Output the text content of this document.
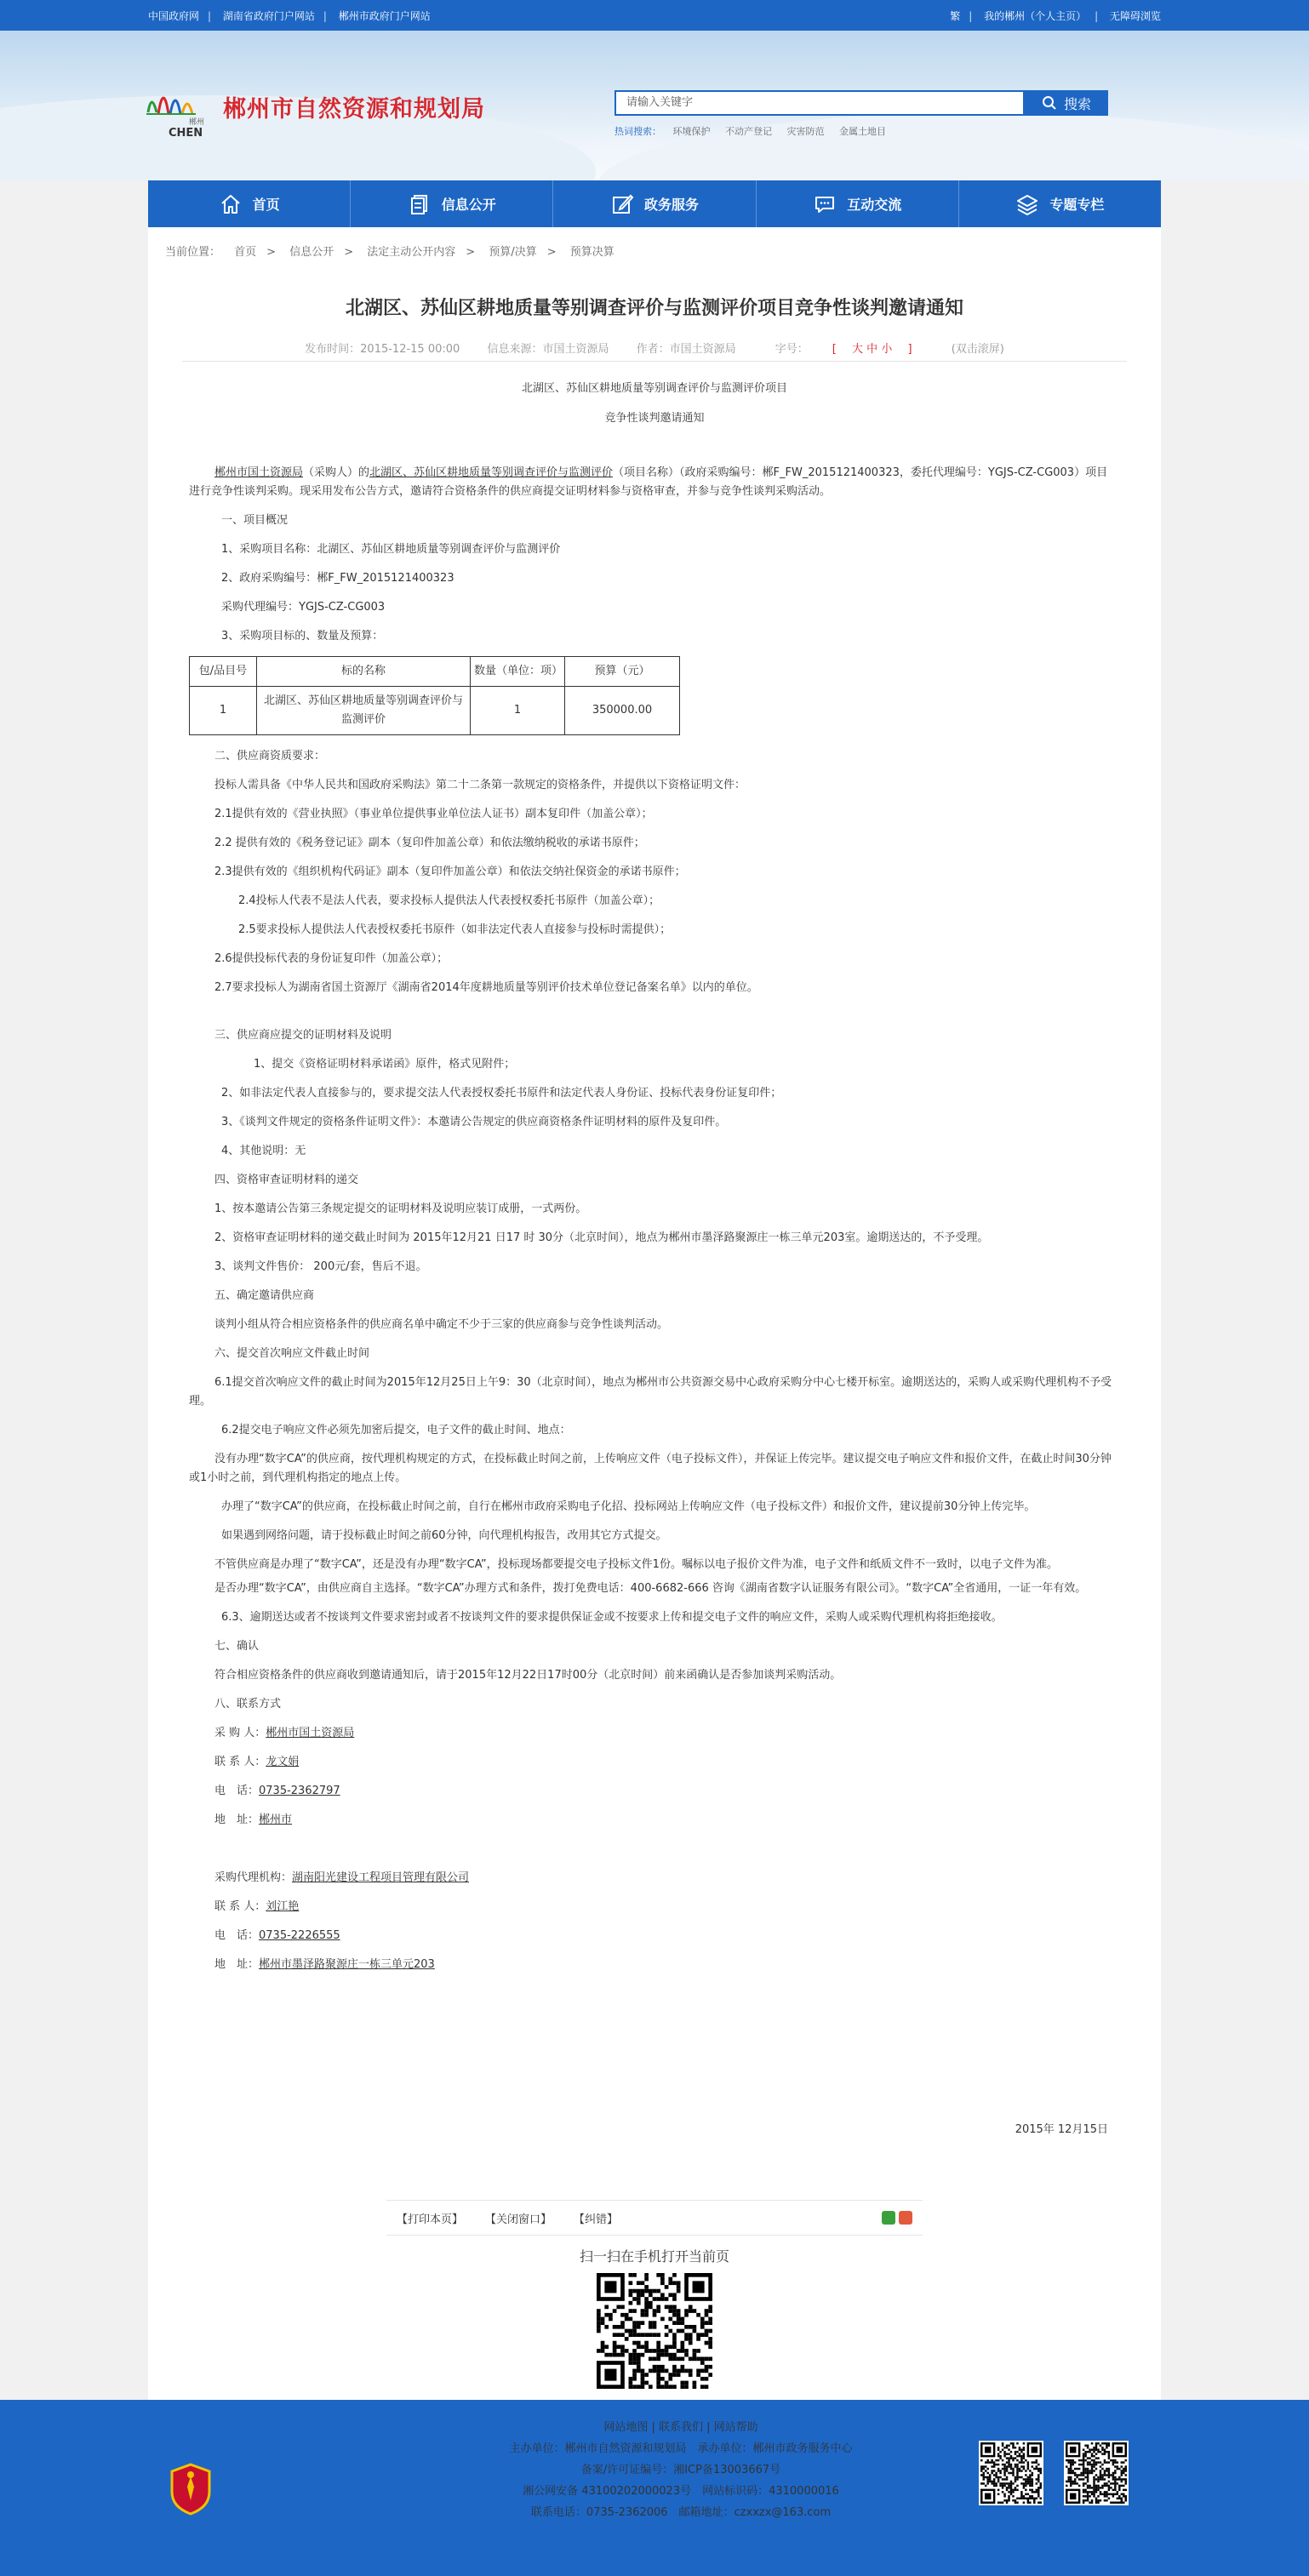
中国政府网 | 湖南省政府门户网站 | 郴州市政府门户网站	繁 | 我的郴州（个人主页） | 无障碍浏览
郴州
CHEN
郴州市自然资源和规划局	请输入关键字	搜索
热词搜索： 环境保护 不动产登记 灾害防范 金属土地目
首页	信息公开	政务服务	互动交流	专题专栏
当前位置： 首页 > 信息公开 > 法定主动公开内容 > 预算/决算 > 预算决算
北湖区、苏仙区耕地质量等别调查评价与监测评价项目竞争性谈判邀请通知
发布时间：2015-12-15 00:00 信息来源：市国土资源局 作者：市国土资源局	字号： [ 大 中 小 ]	(双击滚屏)
北湖区、苏仙区耕地质量等别调查评价与监测评价项目
竞争性谈判邀请通知

郴州市国土资源局（采购人）的北湖区、苏仙区耕地质量等别调查评价与监测评价（项目名称）（政府采购编号：郴F_FW_2015121400323，委托代理编号：YGJS-CZ-CG003）项目进行竞争性谈判采购。现采用发布公告方式，邀请符合资格条件的供应商提交证明材料参与资格审查，并参与竞争性谈判采购活动。

一、项目概况

1、采购项目名称：北湖区、苏仙区耕地质量等别调查评价与监测评价

2、政府采购编号：郴F_FW_2015121400323

采购代理编号：YGJS-CZ-CG003

3、采购项目标的、数量及预算：

包/品目号	标的名称	数量（单位：项）	预算（元）
1	北湖区、苏仙区耕地质量等别调查评价与监测评价	1	350000.00

二、供应商资质要求：

投标人需具备《中华人民共和国政府采购法》第二十二条第一款规定的资格条件，并提供以下资格证明文件：

2.1提供有效的《营业执照》（事业单位提供事业单位法人证书）副本复印件（加盖公章）；

2.2 提供有效的《税务登记证》副本（复印件加盖公章）和依法缴纳税收的承诺书原件；

2.3提供有效的《组织机构代码证》副本（复印件加盖公章）和依法交纳社保资金的承诺书原件；

2.4投标人代表不是法人代表，要求投标人提供法人代表授权委托书原件（加盖公章）；

2.5要求投标人提供法人代表授权委托书原件（如非法定代表人直接参与投标时需提供）；

2.6提供投标代表的身份证复印件（加盖公章）；

2.7要求投标人为湖南省国土资源厅《湖南省2014年度耕地质量等别评价技术单位登记备案名单》以内的单位。

三、供应商应提交的证明材料及说明

1、提交《资格证明材料承诺函》原件，格式见附件；

2、如非法定代表人直接参与的，要求提交法人代表授权委托书原件和法定代表人身份证、投标代表身份证复印件；

3、《谈判文件规定的资格条件证明文件》：本邀请公告规定的供应商资格条件证明材料的原件及复印件。

4、其他说明：无

四、资格审查证明材料的递交

1、按本邀请公告第三条规定提交的证明材料及说明应装订成册，一式两份。

2、资格审查证明材料的递交截止时间为 2015年12月21 日17 时 30分（北京时间），地点为郴州市墨泽路聚源庄一栋三单元203室。逾期送达的，不予受理。

3、谈判文件售价： 200元/套，售后不退。

五、确定邀请供应商

谈判小组从符合相应资格条件的供应商名单中确定不少于三家的供应商参与竞争性谈判活动。

六、提交首次响应文件截止时间

6.1提交首次响应文件的截止时间为2015年12月25日上午9：30（北京时间），地点为郴州市公共资源交易中心政府采购分中心七楼开标室。逾期送达的，采购人或采购代理机构不予受理。

6.2提交电子响应文件必须先加密后提交，电子文件的截止时间、地点：

没有办理“数字CA”的供应商，按代理机构规定的方式，在投标截止时间之前，上传响应文件（电子投标文件），并保证上传完毕。建议提交电子响应文件和报价文件，在截止时间30分钟或1小时之前，到代理机构指定的地点上传。

办理了“数字CA”的供应商，在投标截止时间之前，自行在郴州市政府采购电子化招、投标网站上传响应文件（电子投标文件）和报价文件，建议提前30分钟上传完毕。

如果遇到网络问题，请于投标截止时间之前60分钟，向代理机构报告，改用其它方式提交。

不管供应商是办理了“数字CA”，还是没有办理“数字CA”，投标现场都要提交电子投标文件1份。嘱标以电子报价文件为准，电子文件和纸质文件不一致时，以电子文件为准。

是否办理“数字CA”，由供应商自主选择。“数字CA”办理方式和条件，拨打免费电话：400-6682-666 咨询《湖南省数字认证服务有限公司》。“数字CA”全省通用，一证一年有效。

6.3、逾期送达或者不按谈判文件要求密封或者不按谈判文件的要求提供保证金或不按要求上传和提交电子文件的响应文件，采购人或采购代理机构将拒绝接收。

七、确认

符合相应资格条件的供应商收到邀请通知后，请于2015年12月22日17时00分（北京时间）前来函确认是否参加谈判采购活动。

八、联系方式

采 购 人：郴州市国土资源局

联 系 人：龙文娟

电　话：0735-2362797

地　址：郴州市

采购代理机构：湖南阳光建设工程项目管理有限公司

联 系 人：刘江艳

电　话：0735-2226555

地　址：郴州市墨泽路聚源庄一栋三单元203

2015年 12月15日
【打印本页】 【关闭窗口】 【纠错】
扫一扫在手机打开当前页
网站地图 | 联系我们 | 网站帮助
主办单位：郴州市自然资源和规划局　承办单位：郴州市政务服务中心
备案/许可证编号：湘ICP备13003667号
湘公网安备 43100202000023号　网站标识码：4310000016
联系电话：0735-2362006　邮箱地址：czxxzx@163.com
